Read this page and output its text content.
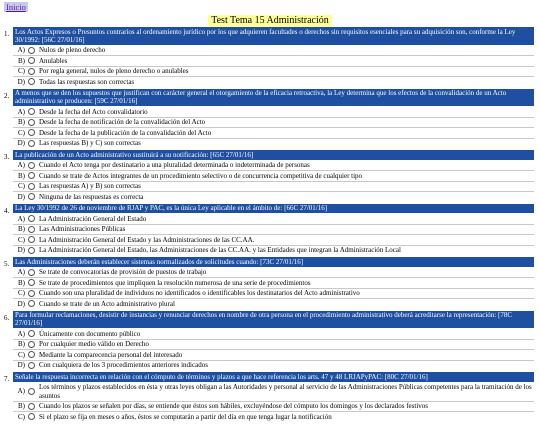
Inicio
Test Tema 15 Administración
1. Los Actos Expresos o Presuntos contrarios al ordenamiento jurídico por los que adquieren facultades o derechos sin requisitos esenciales para su adquisición son, conforme la Ley 30/1992: [56C 27/01/16]
A) Nulos de pleno derecho
B) Anulables
C) Por regla general, nulos de pleno derecho o anulables
D) Todas las respuestas son correctas
2. A menos que se den los supuestos que justifican con carácter general el otorgamiento de la eficacia retroactiva, la Ley determina que los efectos de la convalidación de un Acto administrativo se producen: [59C 27/01/16]
A) Desde la fecha del Acto convalidatorio
B) Desde la fecha de notificación de la convalidación del Acto
C) Desde la fecha de la publicación de la convalidación del Acto
D) Las respuestas B) y C) son correctas
3. La publicación de un Acto administrativo sustituirá a su notificación: [65C 27/01/16]
A) Cuando el Acto tenga por destinatario a una pluralidad determinada o indeterminada de personas
B) Cuando se trate de Actos integrantes de un procedimiento selectivo o de concurrencia competitiva de cualquier tipo
C) Las respuestas A) y B) son correctas
D) Ninguna de las respuestas es correcta
4. La Ley 30/1992 de 26 de noviembre de RJAP y PAC, es la única Ley aplicable en el ámbito de: [66C 27/01/16]
A) La Administración General del Estado
B) Las Administraciones Públicas
C) La Administración General del Estado y las Administraciones de las CC.AA.
D) La Administración General del Estado, las Administraciones de las CC.AA. y las Entidades que integran la Administración Local
5. Las Administraciones deberán establecer sistemas normalizados de solicitudes cuando: [73C 27/01/16]
A) Se trate de convocatorias de provisión de puestos de trabajo
B) Se trate de procedimientos que impliquen la resolución numerosa de una serie de procedimientos
C) Cuando son una pluralidad de individuos no identificados o identificables los destinatarios del Acto administrativo
D) Cuando se trate de un Acto administrativo plural
6. Para formular reclamaciones, desistir de instancias y renunciar derechos en nombre de otra persona en el procedimiento administrativo deberá acreditarse la representación: [78C 27/01/16]
A) Únicamente con documento público
B) Por cualquier medio válido en Derecho
C) Mediante la comparecencia personal del interesado
D) Con cualquiera de los 3 procedimientos anteriores indicados
7. Señale la respuesta incorrecta en relación con el cómputo de términos y plazos a que hace referencia los arts. 47 y 48 LRJAPyPAC: [80C 27/01/16]
A)
Los términos y plazos establecidos en ésta y otras leyes obligan a las Autoridades y personal al servicio de las Administraciones Públicas competentes para la tramitación de los asuntos
B) Cuando los plazos se señalen por días, se entiende que éstos son hábiles, excluyéndose del cómputo los domingos y los declarados festivos
C) Si el plazo se fija en meses o años, éstos se computarán a partir del día en que tenga lugar la notificación
